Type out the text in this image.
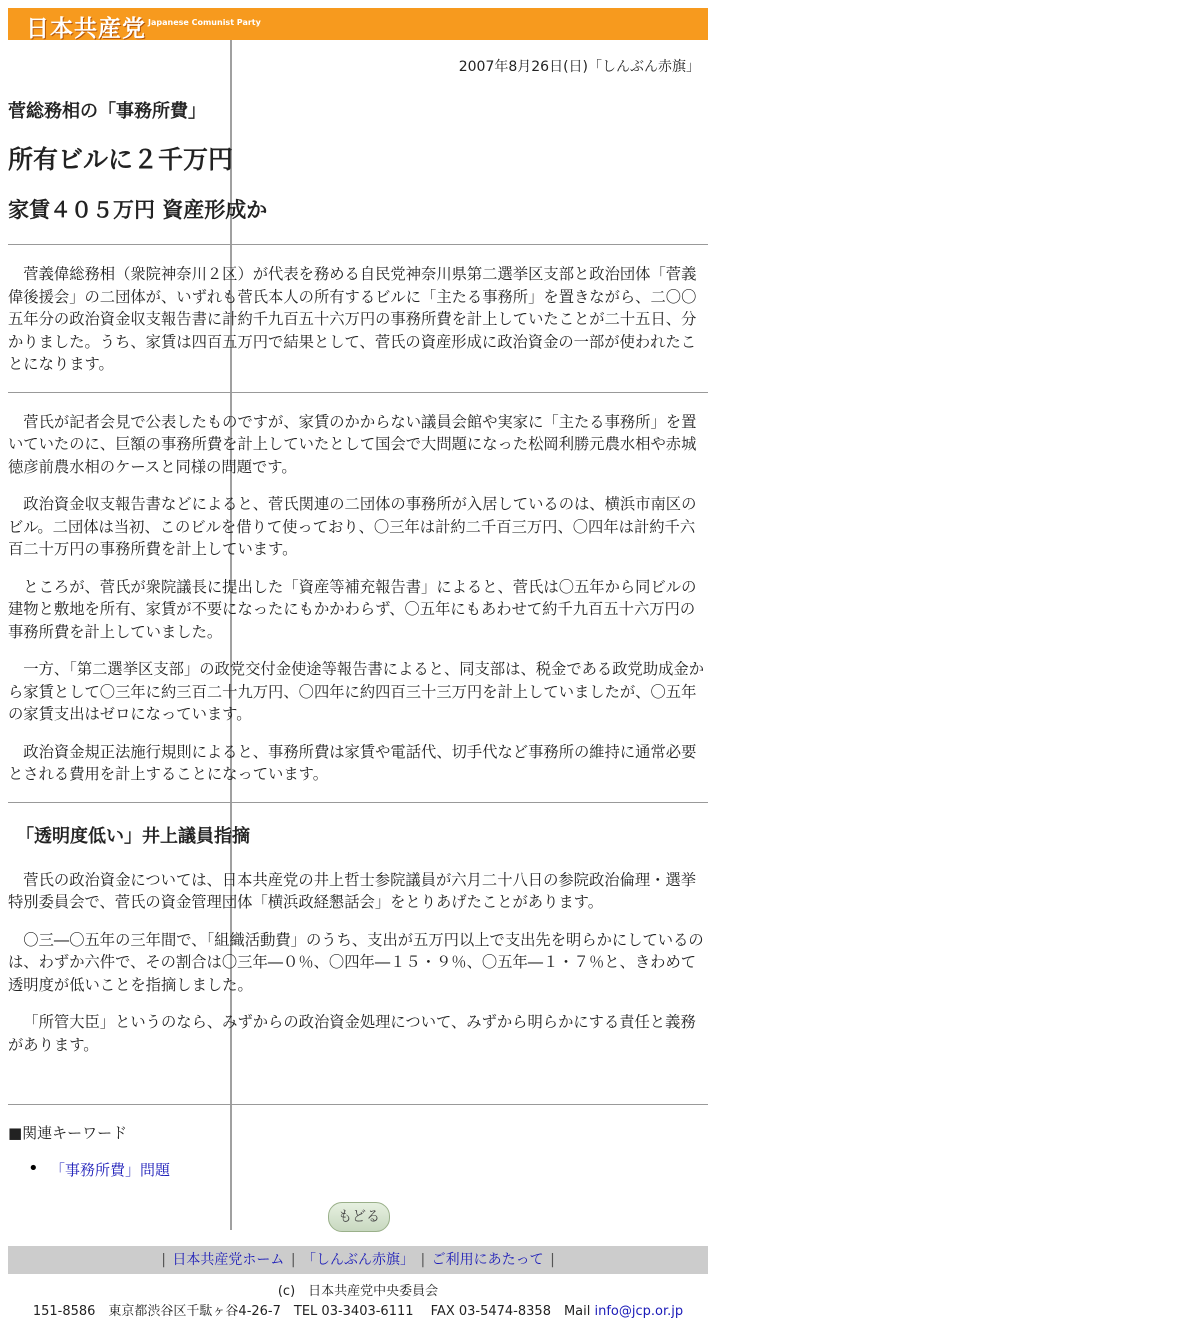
日本共産党 Japanese Comunist Party
2007年8月26日(日)「しんぶん赤旗」
菅総務相の「事務所費」
所有ビルに２千万円
家賃４０５万円 資産形成か

菅義偉総務相（衆院神奈川２区）が代表を務める自民党神奈川県第二選挙区支部と政治団体「菅義偉後援会」の二団体が、いずれも菅氏本人の所有するビルに「主たる事務所」を置きながら、二〇〇五年分の政治資金収支報告書に計約千九百五十六万円の事務所費を計上していたことが二十五日、分かりました。うち、家賃は四百五万円で結果として、菅氏の資産形成に政治資金の一部が使われたことになります。

菅氏が記者会見で公表したものですが、家賃のかからない議員会館や実家に「主たる事務所」を置いていたのに、巨額の事務所費を計上していたとして国会で大問題になった松岡利勝元農水相や赤城徳彦前農水相のケースと同様の問題です。

政治資金収支報告書などによると、菅氏関連の二団体の事務所が入居しているのは、横浜市南区のビル。二団体は当初、このビルを借りて使っており、〇三年は計約二千百三万円、〇四年は計約千六百二十万円の事務所費を計上しています。

ところが、菅氏が衆院議長に提出した「資産等補充報告書」によると、菅氏は〇五年から同ビルの建物と敷地を所有、家賃が不要になったにもかかわらず、〇五年にもあわせて約千九百五十六万円の事務所費を計上していました。

一方、「第二選挙区支部」の政党交付金使途等報告書によると、同支部は、税金である政党助成金から家賃として〇三年に約三百二十九万円、〇四年に約四百三十三万円を計上していましたが、〇五年の家賃支出はゼロになっています。

政治資金規正法施行規則によると、事務所費は家賃や電話代、切手代など事務所の維持に通常必要とされる費用を計上することになっています。

「透明度低い」井上議員指摘

菅氏の政治資金については、日本共産党の井上哲士参院議員が六月二十八日の参院政治倫理・選挙特別委員会で、菅氏の資金管理団体「横浜政経懇話会」をとりあげたことがあります。

〇三―〇五年の三年間で、「組織活動費」のうち、支出が五万円以上で支出先を明らかにしているのは、わずか六件で、その割合は〇三年―０％、〇四年―１５・９％、〇五年―１・７％と、きわめて透明度が低いことを指摘しました。

「所管大臣」というのなら、みずからの政治資金処理について、みずから明らかにする責任と義務があります。

■関連キーワード
• 「事務所費」問題
もどる
| 日本共産党ホーム | 「しんぶん赤旗」 | ご利用にあたって |
(c)　日本共産党中央委員会
151-8586　東京都渋谷区千駄ヶ谷4-26-7　TEL 03-3403-6111　 FAX 03-5474-8358　Mail info@jcp.or.jp
